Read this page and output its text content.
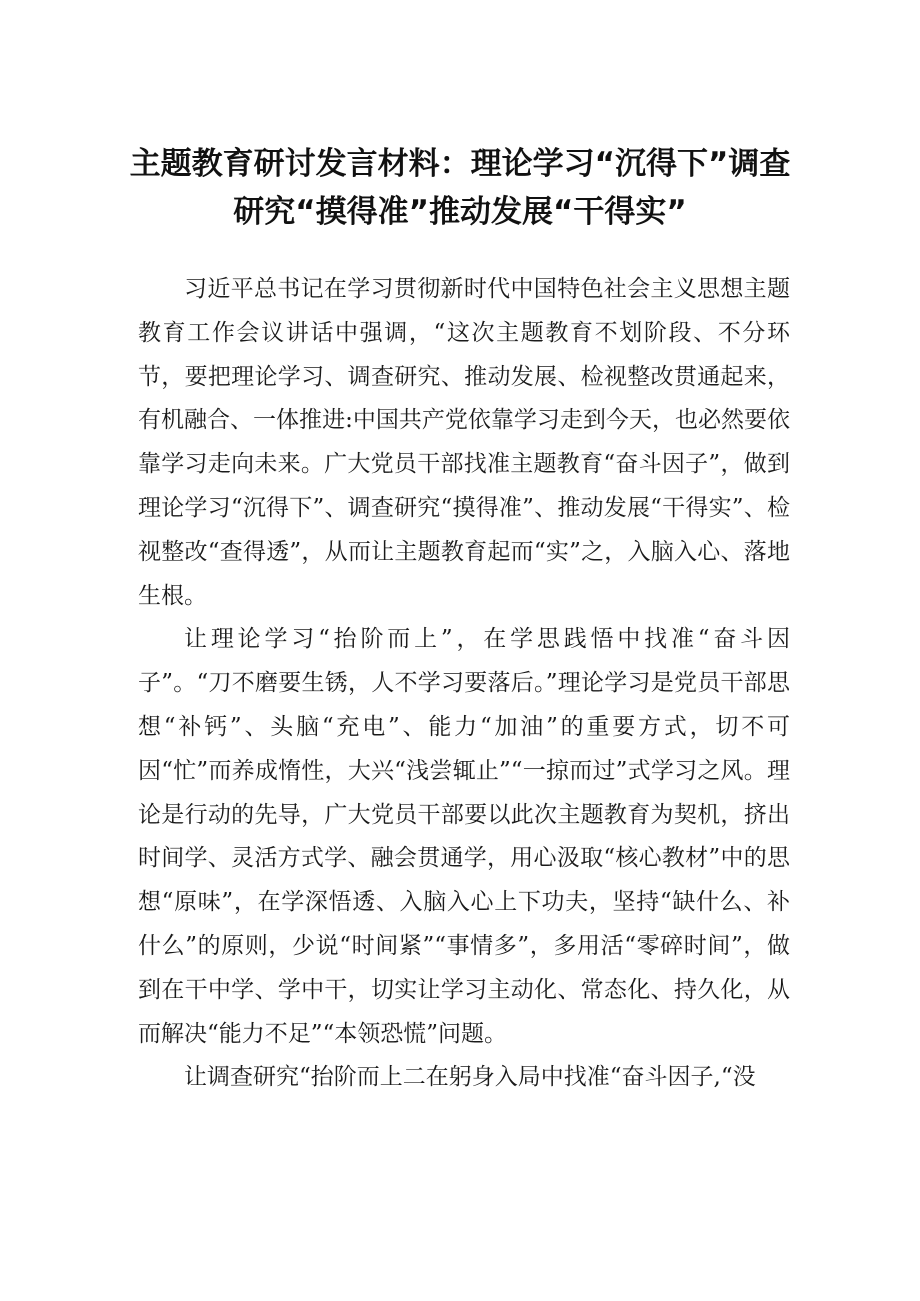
主题教育研讨发言材料：理论学习“沉得下”调查研究“摸得准”推动发展“干得实”

习近平总书记在学习贯彻新时代中国特色社会主义思想主题教育工作会议讲话中强调，“这次主题教育不划阶段、不分环节，要把理论学习、调查研究、推动发展、检视整改贯通起来，有机融合、一体推进:中国共产党依靠学习走到今天，也必然要依靠学习走向未来。广大党员干部找准主题教育“奋斗因子”，做到理论学习“沉得下”、调查研究“摸得准”、推动发展“干得实”、检视整改“查得透”，从而让主题教育起而“实”之，入脑入心、落地生根。

让理论学习“抬阶而上”，在学思践悟中找准“奋斗因子”。“刀不磨要生锈，人不学习要落后。”理论学习是党员干部思想“补钙”、头脑“充电”、能力“加油”的重要方式，切不可因“忙”而养成惰性，大兴“浅尝辄止”“一掠而过”式学习之风。理论是行动的先导，广大党员干部要以此次主题教育为契机，挤出时间学、灵活方式学、融会贯通学，用心汲取“核心教材”中的思想“原味”，在学深悟透、入脑入心上下功夫，坚持“缺什么、补什么”的原则，少说“时间紧”“事情多”，多用活“零碎时间”，做到在干中学、学中干，切实让学习主动化、常态化、持久化，从而解决“能力不足”“本领恐慌”问题。

让调查研究“抬阶而上二在躬身入局中找准“奋斗因子,“没
